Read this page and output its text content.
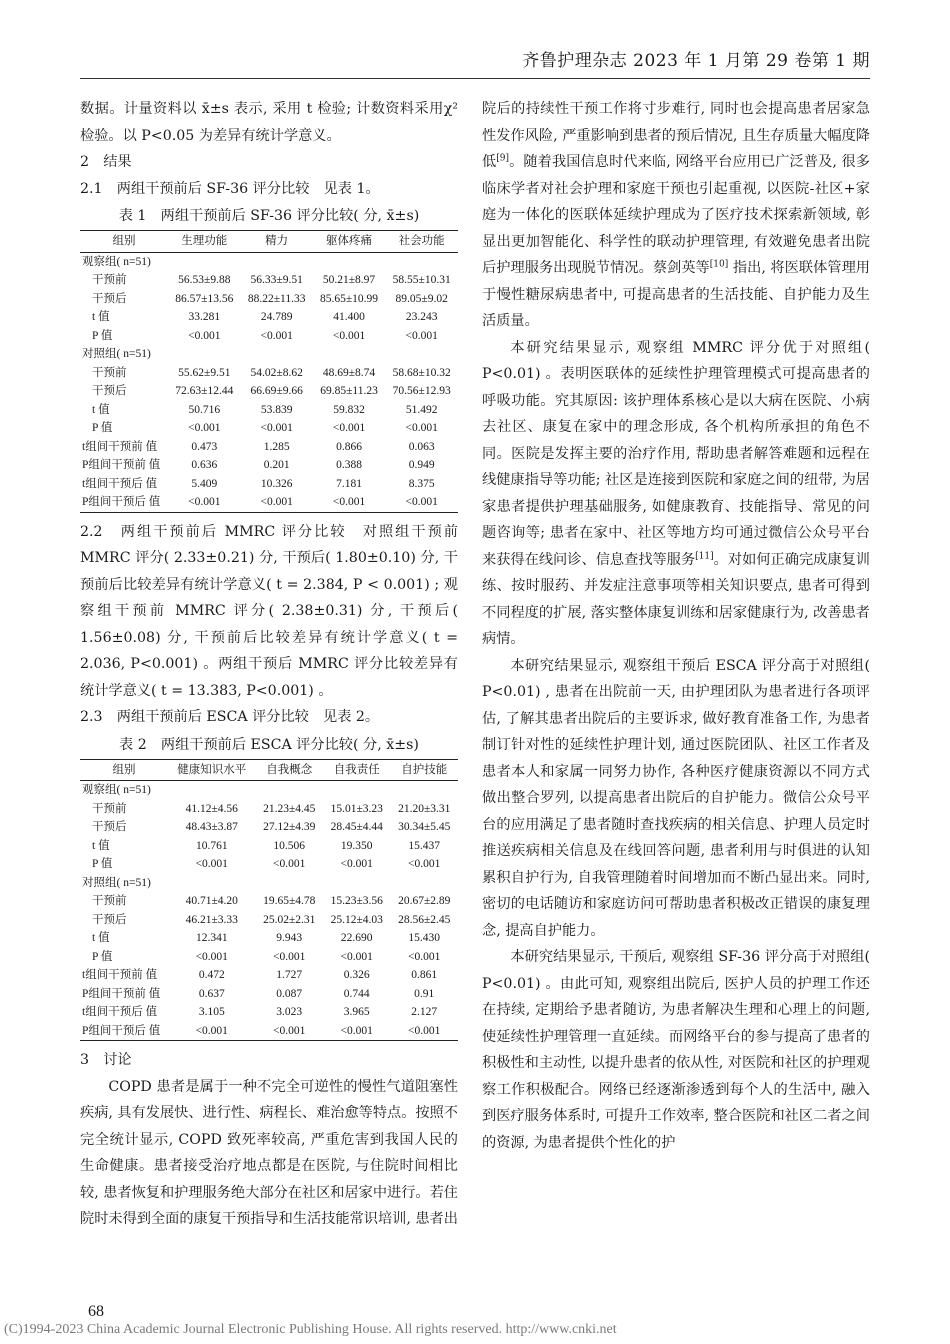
齐鲁护理杂志 2023 年 1 月第 29 卷第 1 期

数据。计量资料以 x̄±s 表示, 采用 t 检验; 计数资料采用χ² 检验。以 P<0.05 为差异有统计学意义。

2　结果

2.1　两组干预前后 SF-36 评分比较　见表 1。

表 1　两组干预前后 SF-36 评分比较( 分, x̄±s)
组别	生理功能	精力	躯体疼痛	社会功能
观察组( n=51)				
干预前	56.53±9.88	56.33±9.51	50.21±8.97	58.55±10.31
干预后	86.57±13.56	88.22±11.33	85.65±10.99	89.05±9.02
t 值	33.281	24.789	41.400	23.243
P 值	<0.001	<0.001	<0.001	<0.001
对照组( n=51)				
干预前	55.62±9.51	54.02±8.62	48.69±8.74	58.68±10.32
干预后	72.63±12.44	66.69±9.66	69.85±11.23	70.56±12.93
t 值	50.716	53.839	59.832	51.492
P 值	<0.001	<0.001	<0.001	<0.001
t组间干预前 值	0.473	1.285	0.866	0.063
P组间干预前 值	0.636	0.201	0.388	0.949
t组间干预后 值	5.409	10.326	7.181	8.375
P组间干预后 值	<0.001	<0.001	<0.001	<0.001

2.2　两组干预前后 MMRC 评分比较　对照组干预前 MMRC 评分( 2.33±0.21) 分, 干预后( 1.80±0.10) 分, 干预前后比较差异有统计学意义( t = 2.384, P < 0.001) ; 观察组干预前 MMRC 评分( 2.38±0.31) 分, 干预后( 1.56±0.08) 分, 干预前后比较差异有统计学意义( t = 2.036, P<0.001) 。两组干预后 MMRC 评分比较差异有统计学意义( t = 13.383, P<0.001) 。

2.3　两组干预前后 ESCA 评分比较　见表 2。

表 2　两组干预前后 ESCA 评分比较( 分, x̄±s)
组别	健康知识水平	自我概念	自我责任	自护技能
观察组( n=51)				
干预前	41.12±4.56	21.23±4.45	15.01±3.23	21.20±3.31
干预后	48.43±3.87	27.12±4.39	28.45±4.44	30.34±5.45
t 值	10.761	10.506	19.350	15.437
P 值	<0.001	<0.001	<0.001	<0.001
对照组( n=51)				
干预前	40.71±4.20	19.65±4.78	15.23±3.56	20.67±2.89
干预后	46.21±3.33	25.02±2.31	25.12±4.03	28.56±2.45
t 值	12.341	9.943	22.690	15.430
P 值	<0.001	<0.001	<0.001	<0.001
t组间干预前 值	0.472	1.727	0.326	0.861
P组间干预前 值	0.637	0.087	0.744	0.91
t组间干预后 值	3.105	3.023	3.965	2.127
P组间干预后 值	<0.001	<0.001	<0.001	<0.001

3　讨论

COPD 患者是属于一种不完全可逆性的慢性气道阻塞性疾病, 具有发展快、进行性、病程长、难治愈等特点。按照不完全统计显示, COPD 致死率较高, 严重危害到我国人民的生命健康。患者接受治疗地点都是在医院, 与住院时间相比较, 患者恢复和护理服务绝大部分在社区和居家中进行。若住院时未得到全面的康复干预指导和生活技能常识培训, 患者出

院后的持续性干预工作将寸步难行, 同时也会提高患者居家急性发作风险, 严重影响到患者的预后情况, 且生存质量大幅度降低[9]。随着我国信息时代来临, 网络平台应用已广泛普及, 很多临床学者对社会护理和家庭干预也引起重视, 以医院-社区+家庭为一体化的医联体延续护理成为了医疗技术探索新领域, 彰显出更加智能化、科学性的联动护理管理, 有效避免患者出院后护理服务出现脱节情况。蔡剑英等[10] 指出, 将医联体管理用于慢性糖尿病患者中, 可提高患者的生活技能、自护能力及生活质量。

本研究结果显示, 观察组 MMRC 评分优于对照组( P<0.01) 。表明医联体的延续性护理管理模式可提高患者的呼吸功能。究其原因: 该护理体系核心是以大病在医院、小病去社区、康复在家中的理念形成, 各个机构所承担的角色不同。医院是发挥主要的治疗作用, 帮助患者解答难题和远程在线健康指导等功能; 社区是连接到医院和家庭之间的纽带, 为居家患者提供护理基础服务, 如健康教育、技能指导、常见的问题咨询等; 患者在家中、社区等地方均可通过微信公众号平台来获得在线问诊、信息查找等服务[11]。对如何正确完成康复训练、按时服药、并发症注意事项等相关知识要点, 患者可得到不同程度的扩展, 落实整体康复训练和居家健康行为, 改善患者病情。

本研究结果显示, 观察组干预后 ESCA 评分高于对照组( P<0.01) , 患者在出院前一天, 由护理团队为患者进行各项评估, 了解其患者出院后的主要诉求, 做好教育准备工作, 为患者制订针对性的延续性护理计划, 通过医院团队、社区工作者及患者本人和家属一同努力协作, 各种医疗健康资源以不同方式做出整合罗列, 以提高患者出院后的自护能力。微信公众号平台的应用满足了患者随时查找疾病的相关信息、护理人员定时推送疾病相关信息及在线回答问题, 患者利用与时俱进的认知累积自护行为, 自我管理随着时间增加而不断凸显出来。同时, 密切的电话随访和家庭访问可帮助患者积极改正错误的康复理念, 提高自护能力。

本研究结果显示, 干预后, 观察组 SF-36 评分高于对照组( P<0.01) 。由此可知, 观察组出院后, 医护人员的护理工作还在持续, 定期给予患者随访, 为患者解决生理和心理上的问题, 使延续性护理管理一直延续。而网络平台的参与提高了患者的积极性和主动性, 以提升患者的依从性, 对医院和社区的护理观察工作积极配合。网络已经逐渐渗透到每个人的生活中, 融入到医疗服务体系时, 可提升工作效率, 整合医院和社区二者之间的资源, 为患者提供个性化的护

68
(C)1994-2023 China Academic Journal Electronic Publishing House. All rights reserved. http://www.cnki.net
